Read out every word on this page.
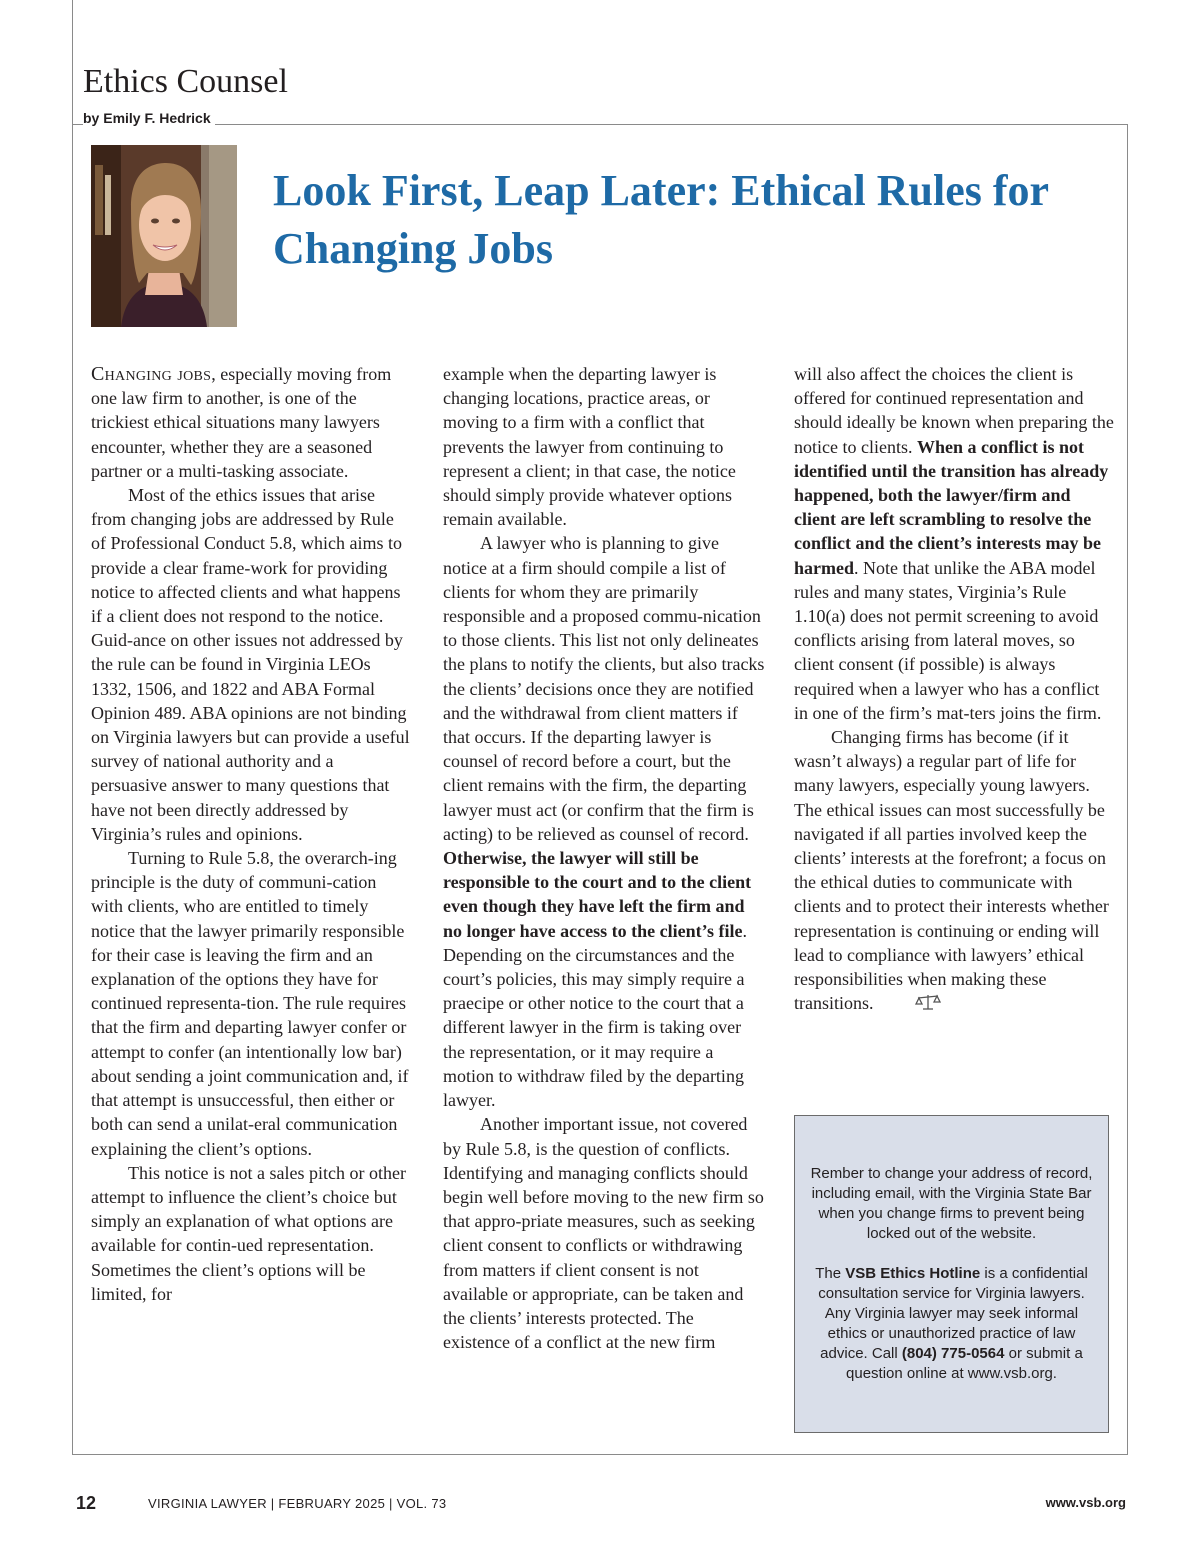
Ethics Counsel
by Emily F. Hedrick
Look First, Leap Later: Ethical Rules for Changing Jobs

Changing jobs, especially moving from one law firm to another, is one of the trickiest ethical situations many lawyers encounter, whether they are a seasoned partner or a multi-tasking associate.

Most of the ethics issues that arise from changing jobs are addressed by Rule of Professional Conduct 5.8, which aims to provide a clear frame-work for providing notice to affected clients and what happens if a client does not respond to the notice. Guid-ance on other issues not addressed by the rule can be found in Virginia LEOs 1332, 1506, and 1822 and ABA Formal Opinion 489. ABA opinions are not binding on Virginia lawyers but can provide a useful survey of national authority and a persuasive answer to many questions that have not been directly addressed by Virginia’s rules and opinions.

Turning to Rule 5.8, the overarch-ing principle is the duty of communi-cation with clients, who are entitled to timely notice that the lawyer primarily responsible for their case is leaving the firm and an explanation of the options they have for continued representa-tion. The rule requires that the firm and departing lawyer confer or attempt to confer (an intentionally low bar) about sending a joint communication and, if that attempt is unsuccessful, then either or both can send a unilat-eral communication explaining the client’s options.

This notice is not a sales pitch or other attempt to influence the client’s choice but simply an explanation of what options are available for contin-ued representation. Sometimes the client’s options will be limited, for

example when the departing lawyer is changing locations, practice areas, or moving to a firm with a conflict that prevents the lawyer from continuing to represent a client; in that case, the notice should simply provide whatever options remain available.

A lawyer who is planning to give notice at a firm should compile a list of clients for whom they are primarily responsible and a proposed commu-nication to those clients. This list not only delineates the plans to notify the clients, but also tracks the clients’ decisions once they are notified and the withdrawal from client matters if that occurs. If the departing lawyer is counsel of record before a court, but the client remains with the firm, the departing lawyer must act (or confirm that the firm is acting) to be relieved as counsel of record. Otherwise, the lawyer will still be responsible to the court and to the client even though they have left the firm and no longer have access to the client’s file. Depending on the circumstances and the court’s policies, this may simply require a praecipe or other notice to the court that a different lawyer in the firm is taking over the representation, or it may require a motion to withdraw filed by the departing lawyer.

Another important issue, not covered by Rule 5.8, is the question of conflicts. Identifying and managing conflicts should begin well before moving to the new firm so that appro-priate measures, such as seeking client consent to conflicts or withdrawing from matters if client consent is not available or appropriate, can be taken and the clients’ interests protected. The existence of a conflict at the new firm

will also affect the choices the client is offered for continued representation and should ideally be known when preparing the notice to clients. When a conflict is not identified until the transition has already happened, both the lawyer/firm and client are left scrambling to resolve the conflict and the client’s interests may be harmed. Note that unlike the ABA model rules and many states, Virginia’s Rule 1.10(a) does not permit screening to avoid conflicts arising from lateral moves, so client consent (if possible) is always required when a lawyer who has a conflict in one of the firm’s mat-ters joins the firm.

Changing firms has become (if it wasn’t always) a regular part of life for many lawyers, especially young lawyers. The ethical issues can most successfully be navigated if all parties involved keep the clients’ interests at the forefront; a focus on the ethical duties to communicate with clients and to protect their interests whether representation is continuing or ending will lead to compliance with lawyers’ ethical responsibilities when making these transitions.

Rember to change your address of record, including email, with the Virginia State Bar when you change firms to prevent being locked out of the website.

The VSB Ethics Hotline is a confidential consultation service for Virginia lawyers. Any Virginia lawyer may seek informal ethics or unauthorized practice of law advice. Call (804) 775-0564 or submit a question online at www.vsb.org.

12	VIRGINIA LAWYER | FEBRUARY 2025 | VOL. 73	www.vsb.org
